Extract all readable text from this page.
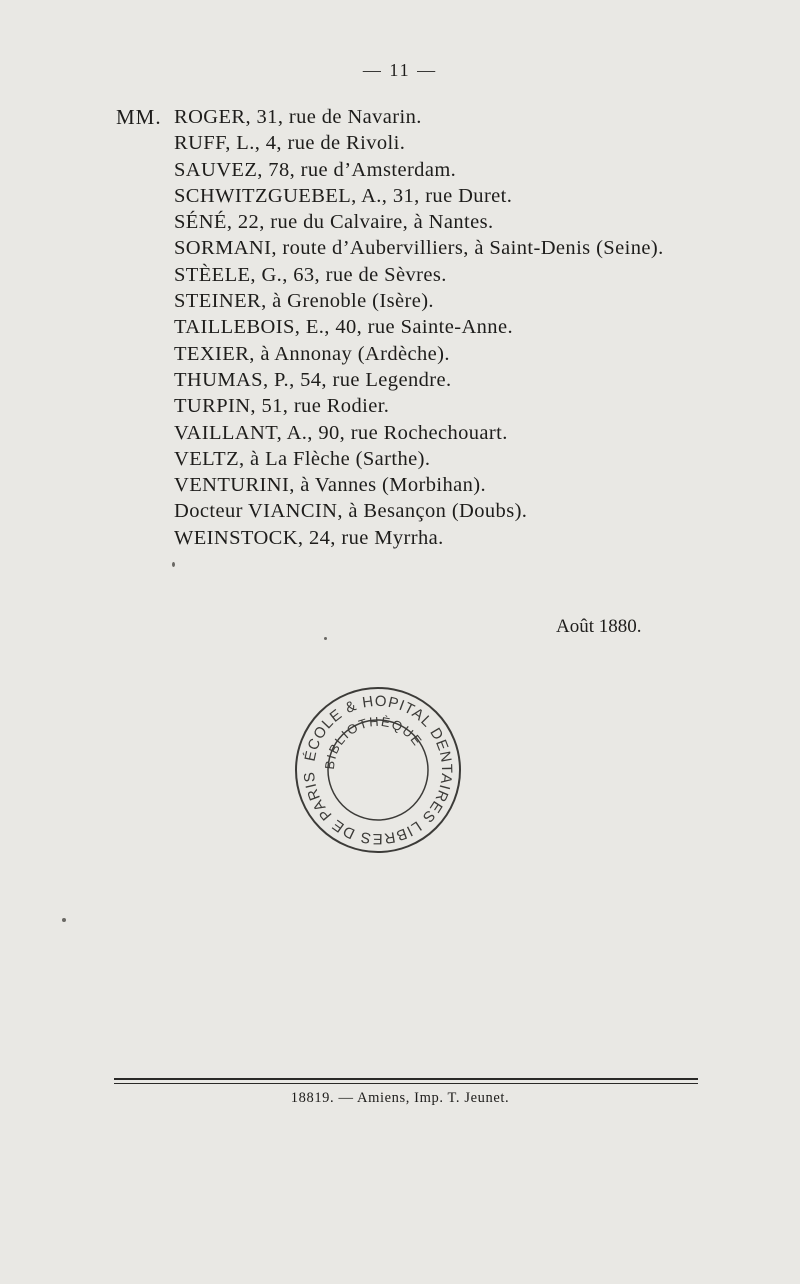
— 11 —
MM. ROGER, 31, rue de Navarin.
RUFF, L., 4, rue de Rivoli.
SAUVEZ, 78, rue d’Amsterdam.
SCHWITZGUEBEL, A., 31, rue Duret.
SÉNÉ, 22, rue du Calvaire, à Nantes.
SORMANI, route d’Aubervilliers, à Saint-Denis (Seine).
STÈELE, G., 63, rue de Sèvres.
STEINER, à Grenoble (Isère).
TAILLEBOIS, E., 40, rue Sainte-Anne.
TEXIER, à Annonay (Ardèche).
THUMAS, P., 54, rue Legendre.
TURPIN, 51, rue Rodier.
VAILLANT, A., 90, rue Rochechouart.
VELTZ, à La Flèche (Sarthe).
VENTURINI, à Vannes (Morbihan).
Docteur VIANCIN, à Besançon (Doubs).
WEINSTOCK, 24, rue Myrrha.
Août 1880.
ÉCOLE & HOPITAL DENTAIRES LIBRES DE PARIS
BIBLIOTHÈQUE
18819. — Amiens, Imp. T. Jeunet.
